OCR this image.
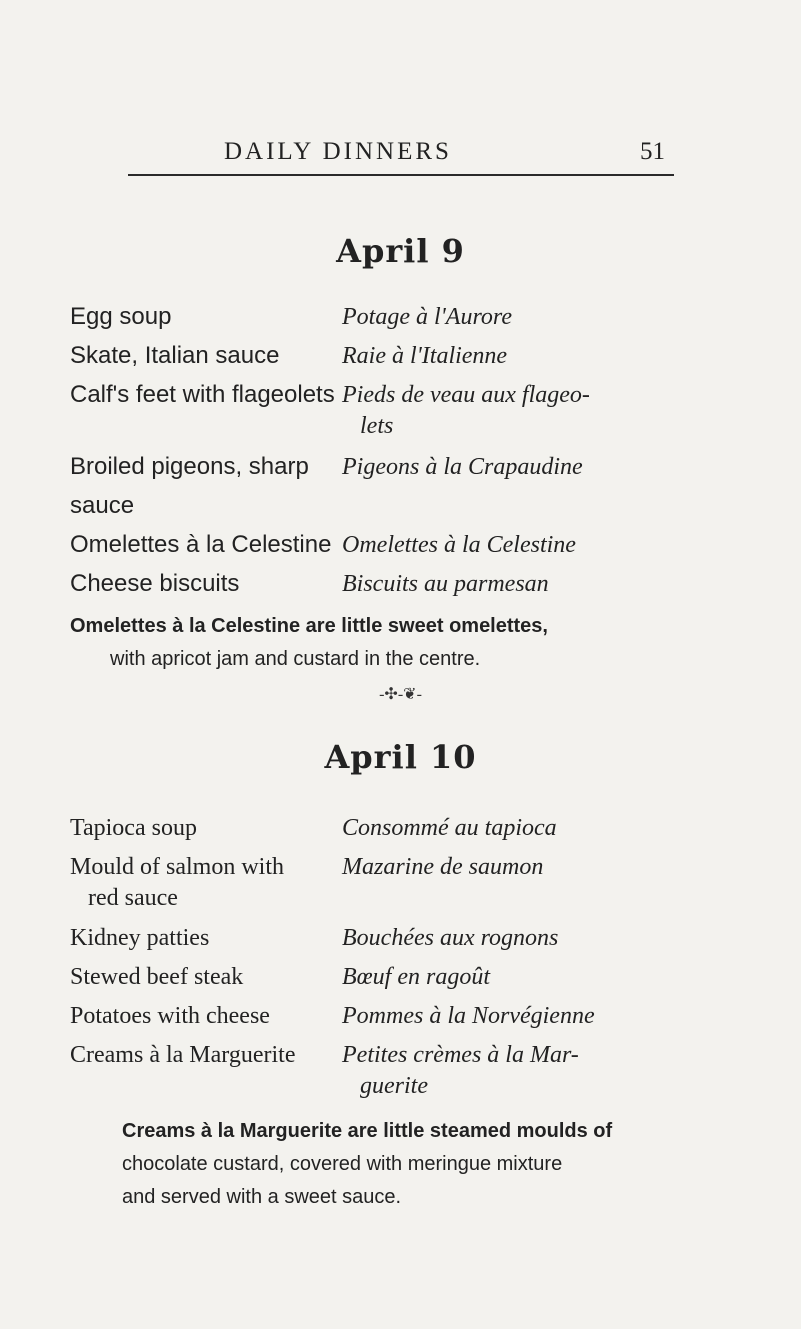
DAILY DINNERS	51
April 9
Egg soup
Skate, Italian sauce
Calf's feet with flageolets
Broiled pigeons, sharp
sauce
Omelettes à la Celestine
Cheese biscuits
Potage à l'Aurore
Raie à l'Italienne
Pieds de veau aux flageo-
lets
Pigeons à la Crapaudine
Omelettes à la Celestine
Biscuits au parmesan
Omelettes à la Celestine are little sweet omelettes,
with apricot jam and custard in the centre.
-✣-❦-
April 10
Tapioca soup
Mould of salmon with
red sauce
Kidney patties
Stewed beef steak
Potatoes with cheese
Creams à la Marguerite
Consommé au tapioca
Mazarine de saumon
Bouchées aux rognons
Bœuf en ragoût
Pommes à la Norvégienne
Petites crèmes à la Mar-
guerite
Creams à la Marguerite are little steamed moulds of
chocolate custard, covered with meringue mixture
and served with a sweet sauce.
